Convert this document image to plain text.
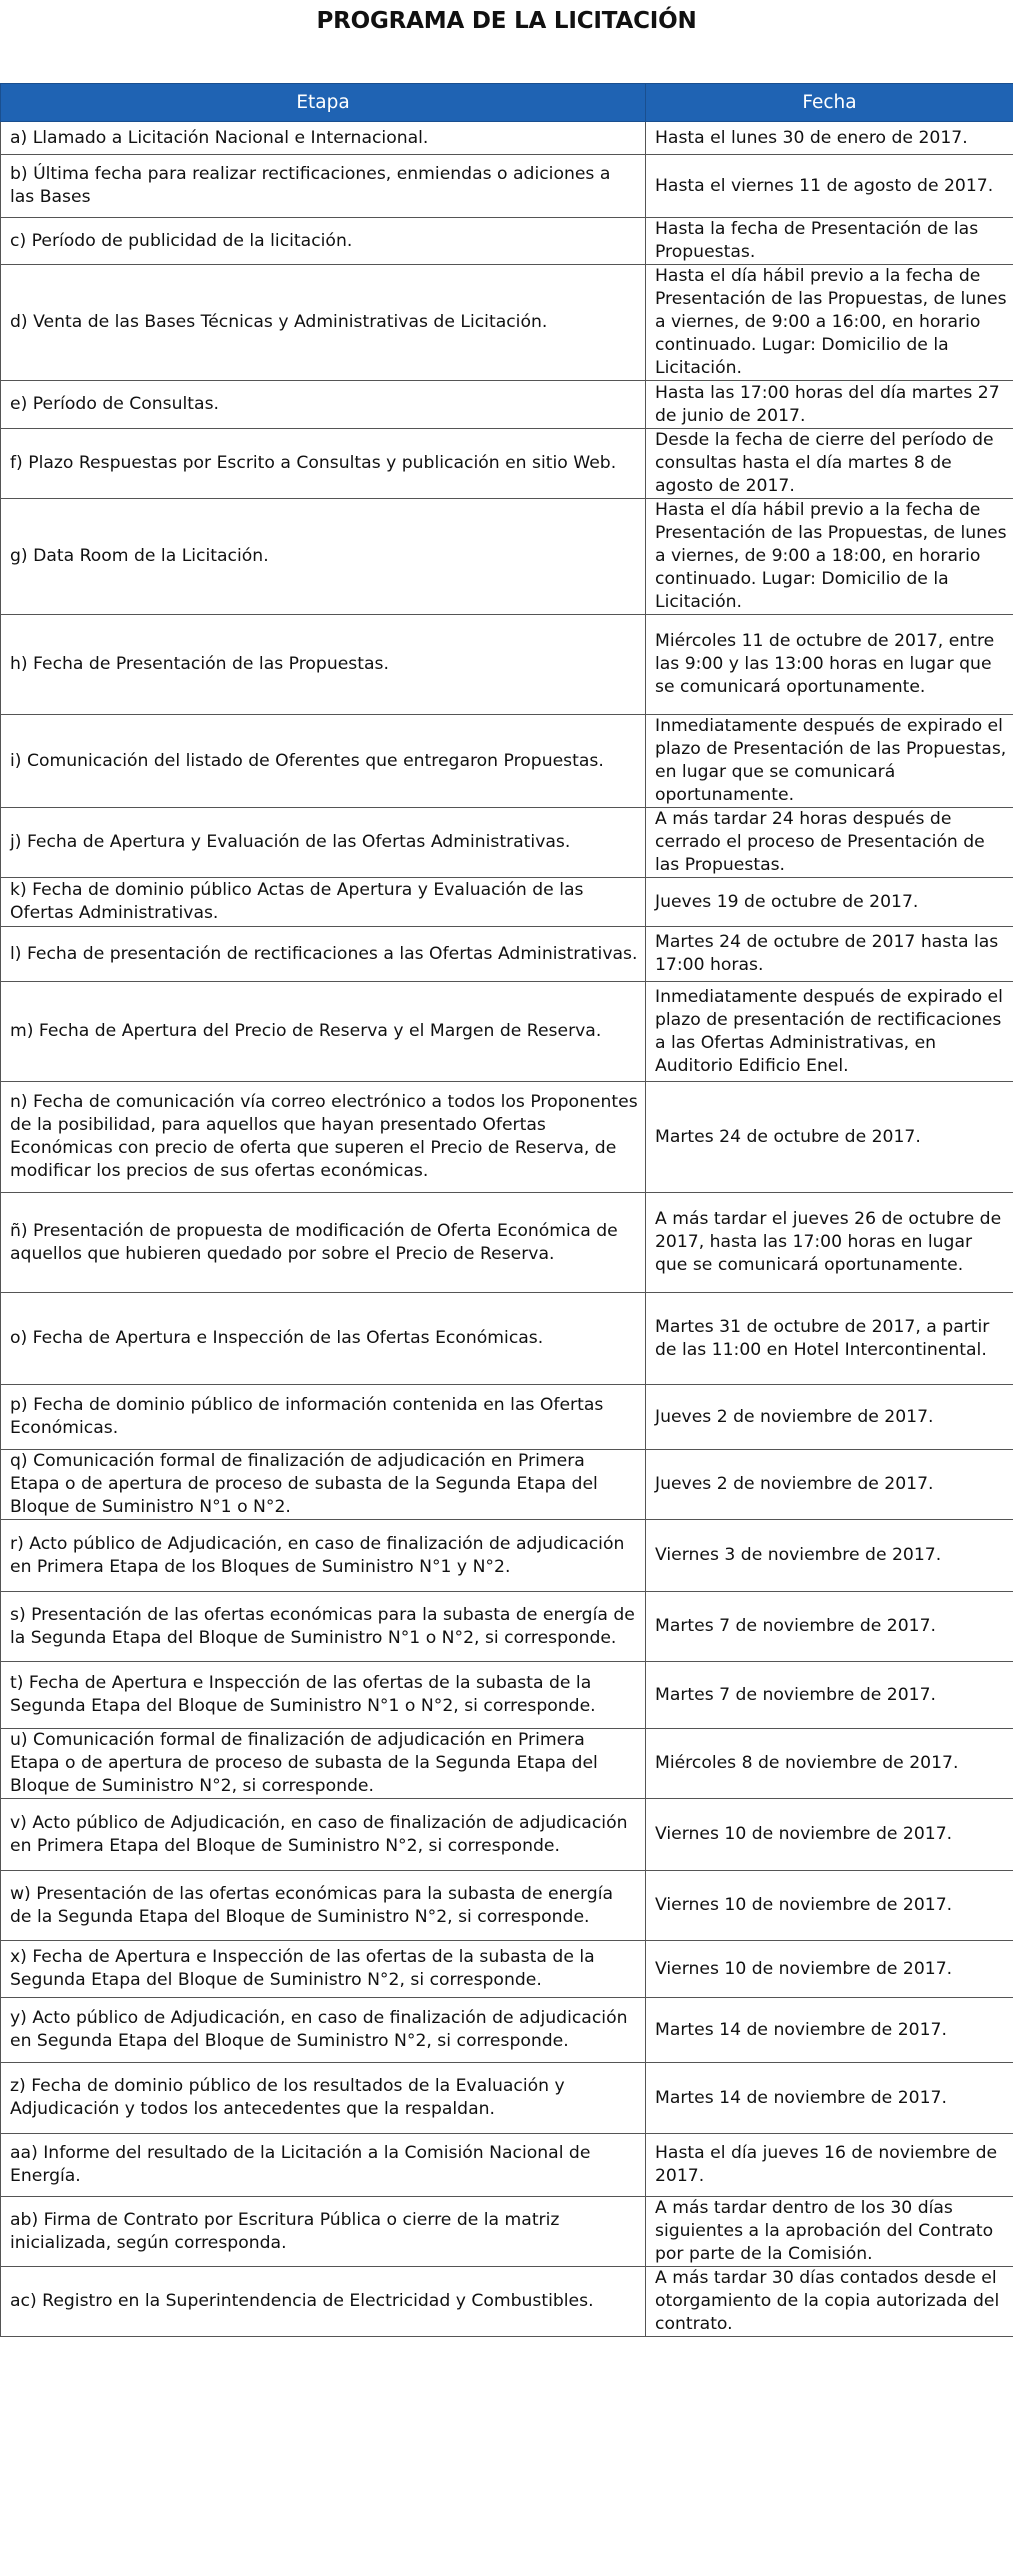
PROGRAMA DE LA LICITACIÓN
Etapa	Fecha
a) Llamado a Licitación Nacional e Internacional.	Hasta el lunes 30 de enero de 2017.
b) Última fecha para realizar rectificaciones, enmiendas o adiciones a las Bases	Hasta el viernes 11 de agosto de 2017.
c) Período de publicidad de la licitación.	Hasta la fecha de Presentación de las Propuestas.
d) Venta de las Bases Técnicas y Administrativas de Licitación.	Hasta el día hábil previo a la fecha de Presentación de las Propuestas, de lunes a viernes, de 9:00 a 16:00, en horario continuado. Lugar: Domicilio de la Licitación.
e) Período de Consultas.	Hasta las 17:00 horas del día martes 27 de junio de 2017.
f) Plazo Respuestas por Escrito a Consultas y publicación en sitio Web.	Desde la fecha de cierre del período de consultas hasta el día martes 8 de agosto de 2017.
g) Data Room de la Licitación.	Hasta el día hábil previo a la fecha de Presentación de las Propuestas, de lunes a viernes, de 9:00 a 18:00, en horario continuado. Lugar: Domicilio de la Licitación.
h) Fecha de Presentación de las Propuestas.	Miércoles 11 de octubre de 2017, entre las 9:00 y las 13:00 horas en lugar que se comunicará oportunamente.
i) Comunicación del listado de Oferentes que entregaron Propuestas.	Inmediatamente después de expirado el plazo de Presentación de las Propuestas, en lugar que se comunicará oportunamente.
j) Fecha de Apertura y Evaluación de las Ofertas Administrativas.	A más tardar 24 horas después de cerrado el proceso de Presentación de las Propuestas.
k) Fecha de dominio público Actas de Apertura y Evaluación de las Ofertas Administrativas.	Jueves 19 de octubre de 2017.
l) Fecha de presentación de rectificaciones a las Ofertas Administrativas.	Martes 24 de octubre de 2017 hasta las 17:00 horas.
m) Fecha de Apertura del Precio de Reserva y el Margen de Reserva.	Inmediatamente después de expirado el plazo de presentación de rectificaciones a las Ofertas Administrativas, en Auditorio Edificio Enel.
n) Fecha de comunicación vía correo electrónico a todos los Proponentes de la posibilidad, para aquellos que hayan presentado Ofertas Económicas con precio de oferta que superen el Precio de Reserva, de modificar los precios de sus ofertas económicas.	Martes 24 de octubre de 2017.
ñ) Presentación de propuesta de modificación de Oferta Económica de aquellos que hubieren quedado por sobre el Precio de Reserva.	A más tardar el jueves 26 de octubre de 2017, hasta las 17:00 horas en lugar que se comunicará oportunamente.
o) Fecha de Apertura e Inspección de las Ofertas Económicas.	Martes 31 de octubre de 2017, a partir de las 11:00 en Hotel Intercontinental.
p) Fecha de dominio público de información contenida en las Ofertas Económicas.	Jueves 2 de noviembre de 2017.
q) Comunicación formal de finalización de adjudicación en Primera Etapa o de apertura de proceso de subasta de la Segunda Etapa del Bloque de Suministro N°1 o N°2.	Jueves 2 de noviembre de 2017.
r) Acto público de Adjudicación, en caso de finalización de adjudicación en Primera Etapa de los Bloques de Suministro N°1 y N°2.	Viernes 3 de noviembre de 2017.
s) Presentación de las ofertas económicas para la subasta de energía de la Segunda Etapa del Bloque de Suministro N°1 o N°2, si corresponde.	Martes 7 de noviembre de 2017.
t) Fecha de Apertura e Inspección de las ofertas de la subasta de la Segunda Etapa del Bloque de Suministro N°1 o N°2, si corresponde.	Martes 7 de noviembre de 2017.
u) Comunicación formal de finalización de adjudicación en Primera Etapa o de apertura de proceso de subasta de la Segunda Etapa del Bloque de Suministro N°2, si corresponde.	Miércoles 8 de noviembre de 2017.
v) Acto público de Adjudicación, en caso de finalización de adjudicación en Primera Etapa del Bloque de Suministro N°2, si corresponde.	Viernes 10 de noviembre de 2017.
w) Presentación de las ofertas económicas para la subasta de energía de la Segunda Etapa del Bloque de Suministro N°2, si corresponde.	Viernes 10 de noviembre de 2017.
x) Fecha de Apertura e Inspección de las ofertas de la subasta de la Segunda Etapa del Bloque de Suministro N°2, si corresponde.	Viernes 10 de noviembre de 2017.
y) Acto público de Adjudicación, en caso de finalización de adjudicación en Segunda Etapa del Bloque de Suministro N°2, si corresponde.	Martes 14 de noviembre de 2017.
z) Fecha de dominio público de los resultados de la Evaluación y Adjudicación y todos los antecedentes que la respaldan.	Martes 14 de noviembre de 2017.
aa) Informe del resultado de la Licitación a la Comisión Nacional de Energía.	Hasta el día jueves 16 de noviembre de 2017.
ab) Firma de Contrato por Escritura Pública o cierre de la matriz inicializada, según corresponda.	A más tardar dentro de los 30 días siguientes a la aprobación del Contrato por parte de la Comisión.
ac) Registro en la Superintendencia de Electricidad y Combustibles.	A más tardar 30 días contados desde el otorgamiento de la copia autorizada del contrato.
